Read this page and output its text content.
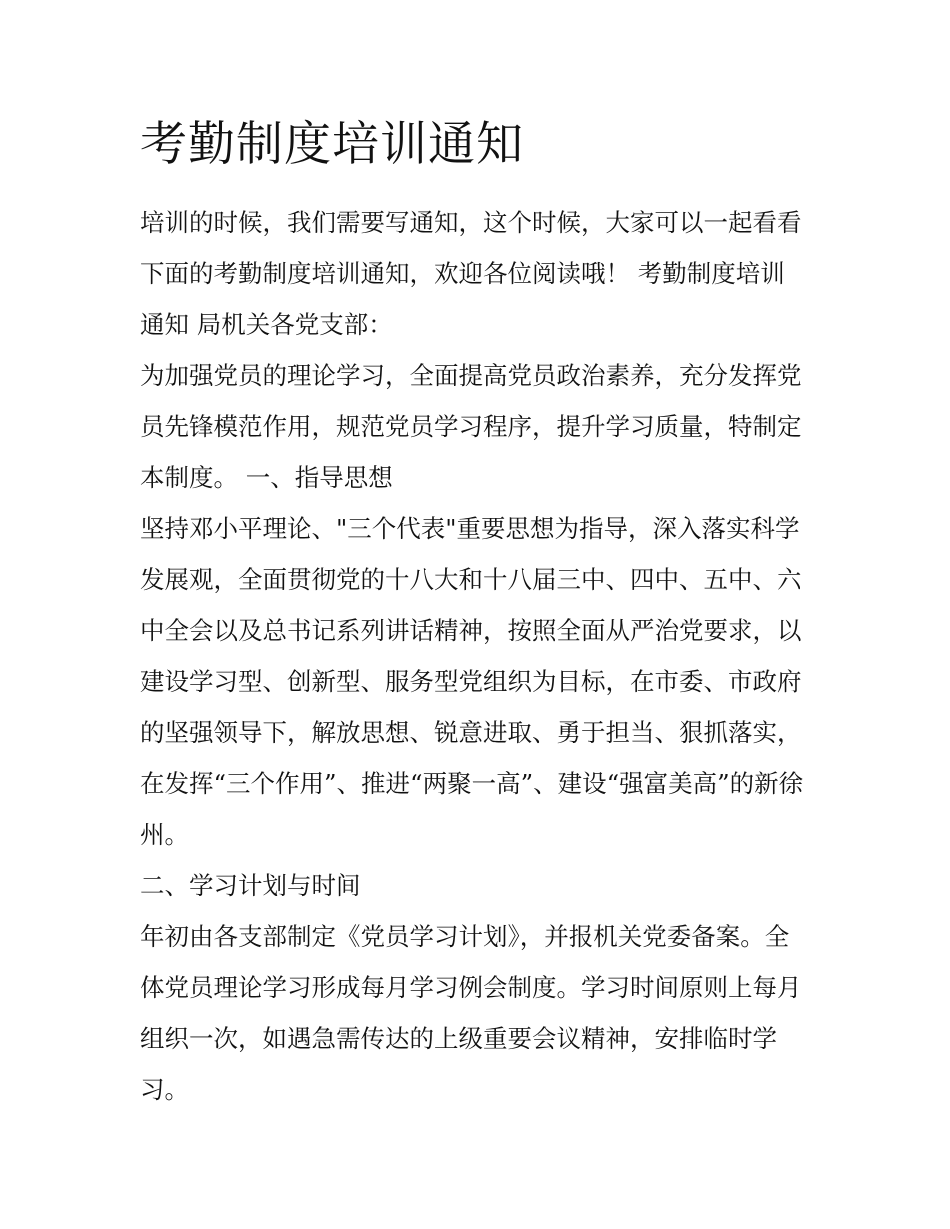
考勤制度培训通知
培训的时候，我们需要写通知，这个时候，大家可以一起看看
下面的考勤制度培训通知，欢迎各位阅读哦！ 考勤制度培训
通知 局机关各党支部：
为加强党员的理论学习，全面提高党员政治素养，充分发挥党
员先锋模范作用，规范党员学习程序，提升学习质量，特制定
本制度。 一、指导思想
坚持邓小平理论、"三个代表"重要思想为指导，深入落实科学
发展观，全面贯彻党的十八大和十八届三中、四中、五中、六
中全会以及总书记系列讲话精神，按照全面从严治党要求，以
建设学习型、创新型、服务型党组织为目标，在市委、市政府
的坚强领导下，解放思想、锐意进取、勇于担当、狠抓落实，
在发挥“三个作用”、推进“两聚一高”、建设“强富美高”的新徐
州。
二、学习计划与时间
年初由各支部制定《党员学习计划》，并报机关党委备案。全
体党员理论学习形成每月学习例会制度。学习时间原则上每月
组织一次，如遇急需传达的上级重要会议精神，安排临时学
习。
